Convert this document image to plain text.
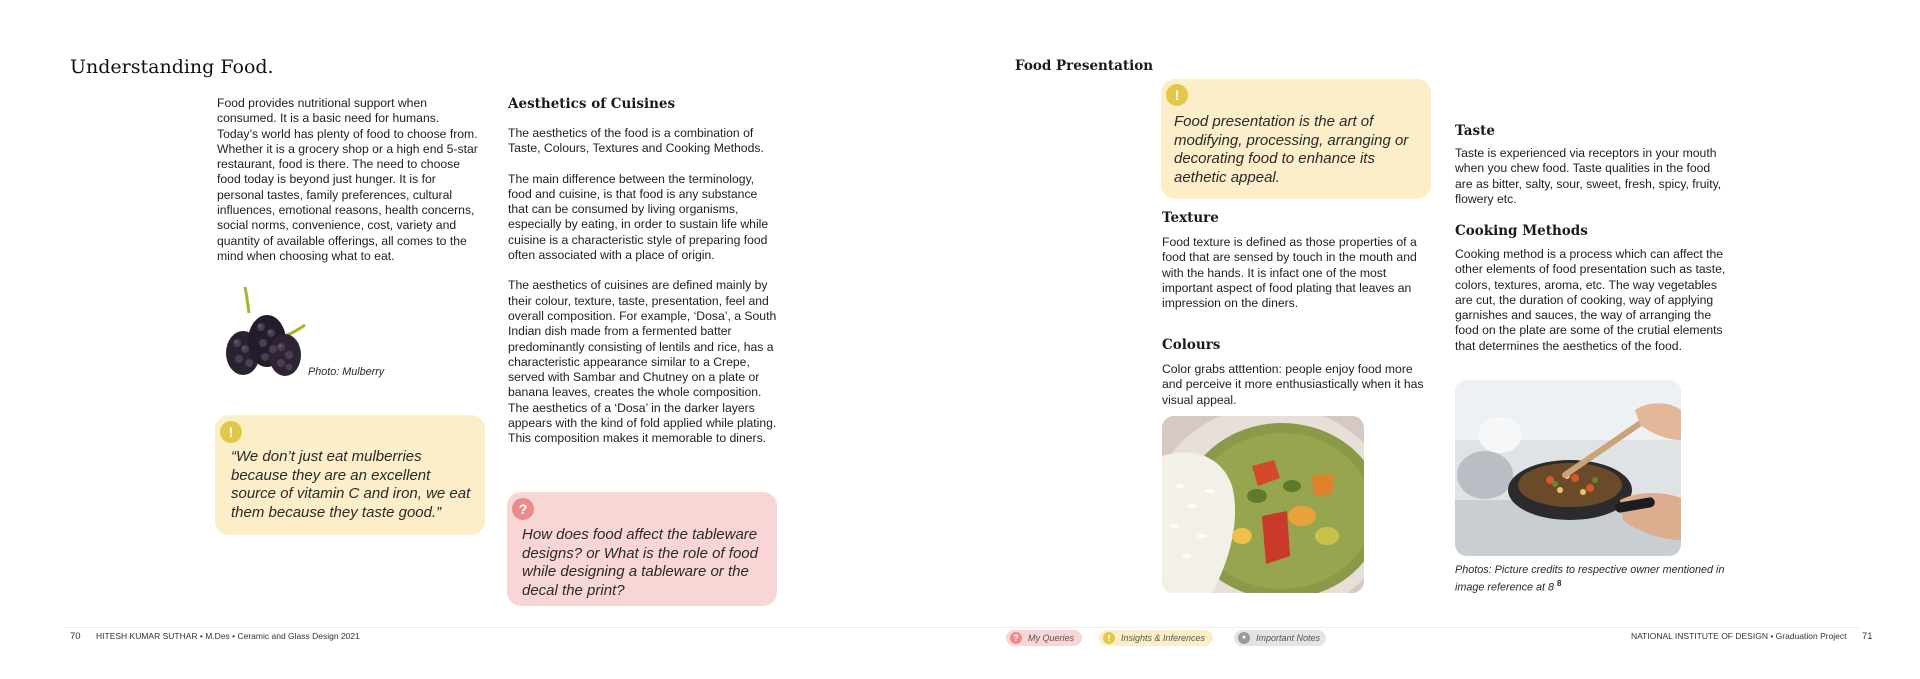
Understanding Food.
Food provides nutritional support when consumed. It is a basic need for humans. Today’s world has plenty of food to choose from. Whether it is a grocery shop or a high end 5-star restaurant, food is there. The need to choose food today is beyond just hunger. It is for personal tastes, family preferences, cultural influences, emotional reasons, health concerns, social norms, convenience, cost, variety and quantity of available offerings, all comes to the mind when choosing what to eat.
Photo: Mulberry
!
“We don’t just eat mulberries because they are an excellent source of vitamin C and iron, we eat them because they taste good.”
Aesthetics of Cuisines
The aesthetics of the food is a combination of Taste, Colours, Textures and Cooking Methods.
The main difference between the terminology, food and cuisine, is that food is any substance that can be consumed by living organisms, especially by eating, in order to sustain life while cuisine is a characteristic style of preparing food often associated with a place of origin.
The aesthetics of cuisines are defined mainly by their colour, texture, taste, presentation, feel and overall composition. For example, ‘Dosa’, a South Indian dish made from a fermented batter predominantly consisting of lentils and rice, has a characteristic appearance similar to a Crepe, served with Sambar and Chutney on a plate or banana leaves, creates the whole composition. The aesthetics of a ‘Dosa’ in the darker layers appears with the kind of fold applied while plating. This composition makes it memorable to diners.
?
How does food affect the tableware designs? or What is the role of food while designing a tableware or the decal the print?
Food Presentation
!
Food presentation is the art of modifying, processing, arranging or decorating food to enhance its aethetic appeal.
Texture
Food texture is defined as those properties of a food that are sensed by touch in the mouth and with the hands. It is infact one of the most important aspect of food plating that leaves an impression on the diners.
Colours
Color grabs atttention: people enjoy food more and perceive it more enthusiastically when it has visual appeal.
Taste
Taste is experienced via receptors in your mouth when you chew food. Taste qualities in the food are as bitter, salty, sour, sweet, fresh, spicy, fruity, flowery etc.
Cooking Methods
Cooking method is a process which can affect the other elements of food presentation such as taste, colors, textures, aroma, etc. The way vegetables are cut, the duration of cooking, way of applying garnishes and sauces, the way of arranging the food on the plate are some of the crutial elements that determines the aesthetics of the food.
Photos: Picture credits to respective owner mentioned in image reference at 8 $^8$
70 HITESH KUMAR SUTHAR • M.Des • Ceramic and Glass Design 2021	?	My Queries	!	Insights & Inferences	●	Important Notes	NATIONAL INSTITUTE OF DESIGN • Graduation Project 71
